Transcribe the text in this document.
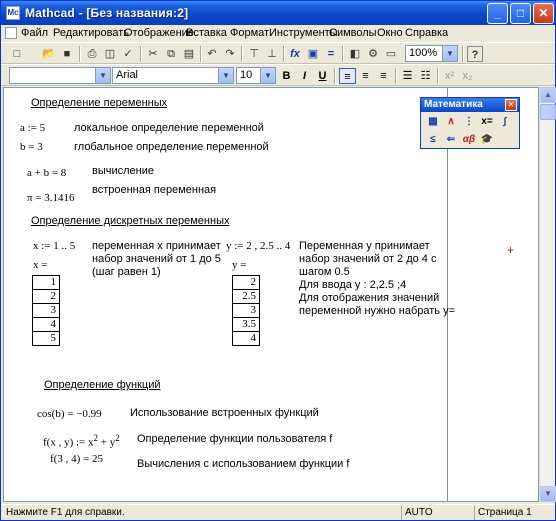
Mc Mathcad - [Без названия:2]	_	□	✕
Файл Редактировать
Отображение
Вставка Формат Инструменты
Символы Окно Справка
□	📂 ■	⎙ ◫ ✓	✂ ⧉ ▤	↶ ↷	⊤ ⊥ fx ▣ =	◧ ⚙ ▭	100%	▼	?
▼ Arial	▼ 10	▼ B	I	U	≡	≡	≡	☰ ☷	x² x₂
Определение переменных
a := 5	локальное определение переменной
b = 3	глобальное определение переменной
a + b = 8 вычисление
π = 3.1416
встроенная переменная
Определение дискретных переменных
x := 1 .. 5
x =
1
2
3
4
5
переменная x принимает
набор значений от 1 до 5
(шаг равен 1)
y := 2 , 2.5 .. 4
y =
2
2.5
3
3.5
4
Переменная y принимает
набор значений от 2 до 4 с
шагом 0.5
Для ввода y : 2,2.5 ;4
Для отображения значений
переменной нужно набрать y=
+
Определение функций
cos(b) = −0.99	Использование встроенных функций
f(x , y) := $x^2 + y^2$ Определение функции пользователя f
f(3 , 4) = 25	Вычисления с использованием функции f
▲
▼
Математика	✕
▦ ∧ ⋮ x=	∫
≤	⇐ αβ 🎓
Нажмите F1 для справки.	AUTO	Страница 1
